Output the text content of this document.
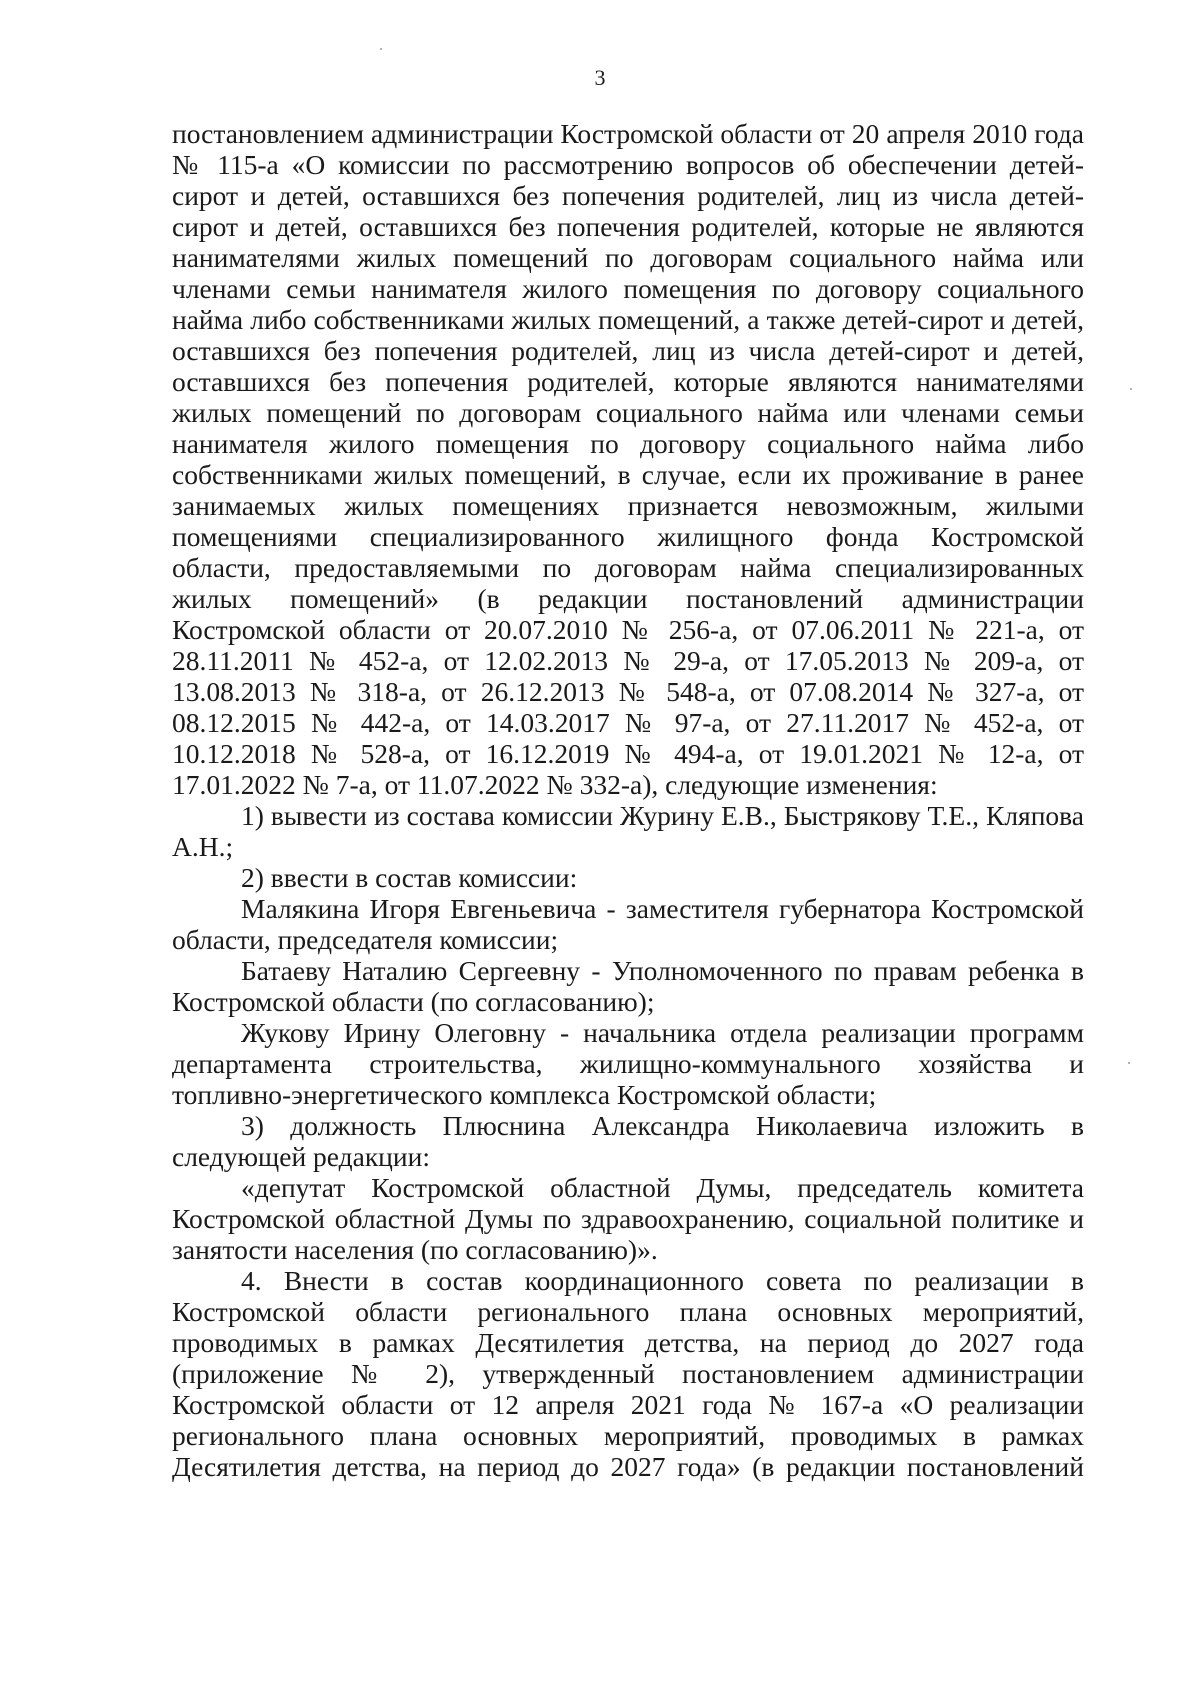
3

постановлением администрации Костромской области от 20 апреля 2010 года № 115-а «О комиссии по рассмотрению вопросов об обеспечении детей-сирот и детей, оставшихся без попечения родителей, лиц из числа детей-сирот и детей, оставшихся без попечения родителей, которые не являются нанимателями жилых помещений по договорам социального найма или членами семьи нанимателя жилого помещения по договору социального найма либо собственниками жилых помещений, а также детей-сирот и детей, оставшихся без попечения родителей, лиц из числа детей-сирот и детей, оставшихся без попечения родителей, которые являются нанимателями жилых помещений по договорам социального найма или членами семьи нанимателя жилого помещения по договору социального найма либо собственниками жилых помещений, в случае, если их проживание в ранее занимаемых жилых помещениях признается невозможным, жилыми помещениями специализированного жилищного фонда Костромской области, предоставляемыми по договорам найма специализированных жилых помещений» (в редакции постановлений администрации Костромской области от 20.07.2010 № 256-а, от 07.06.2011 № 221-а, от 28.11.2011 № 452-а, от 12.02.2013 № 29-а, от 17.05.2013 № 209-а, от 13.08.2013 № 318-а, от 26.12.2013 № 548-а, от 07.08.2014 № 327-а, от 08.12.2015 № 442-а, от 14.03.2017 № 97-а, от 27.11.2017 № 452-а, от 10.12.2018 № 528-а, от 16.12.2019 № 494-а, от 19.01.2021 № 12-а, от 17.01.2022 № 7-а, от 11.07.2022 № 332-а), следующие изменения:

1) вывести из состава комиссии Журину Е.В., Быстрякову Т.Е., Кляпова А.Н.;

2) ввести в состав комиссии:

Малякина Игоря Евгеньевича - заместителя губернатора Костромской области, председателя комиссии;

Батаеву Наталию Сергеевну - Уполномоченного по правам ребенка в Костромской области (по согласованию);

Жукову Ирину Олеговну - начальника отдела реализации программ департамента строительства, жилищно-коммунального хозяйства и топливно-энергетического комплекса Костромской области;

3) должность Плюснина Александра Николаевича изложить в следующей редакции:

«депутат Костромской областной Думы, председатель комитета Костромской областной Думы по здравоохранению, социальной политике и занятости населения (по согласованию)».

4. Внести в состав координационного совета по реализации в Костромской области регионального плана основных мероприятий, проводимых в рамках Десятилетия детства, на период до 2027 года (приложение № 2), утвержденный постановлением администрации Костромской области от 12 апреля 2021 года № 167-а «О реализации регионального плана основных мероприятий, проводимых в рамках Десятилетия детства, на период до 2027 года» (в редакции постановлений
